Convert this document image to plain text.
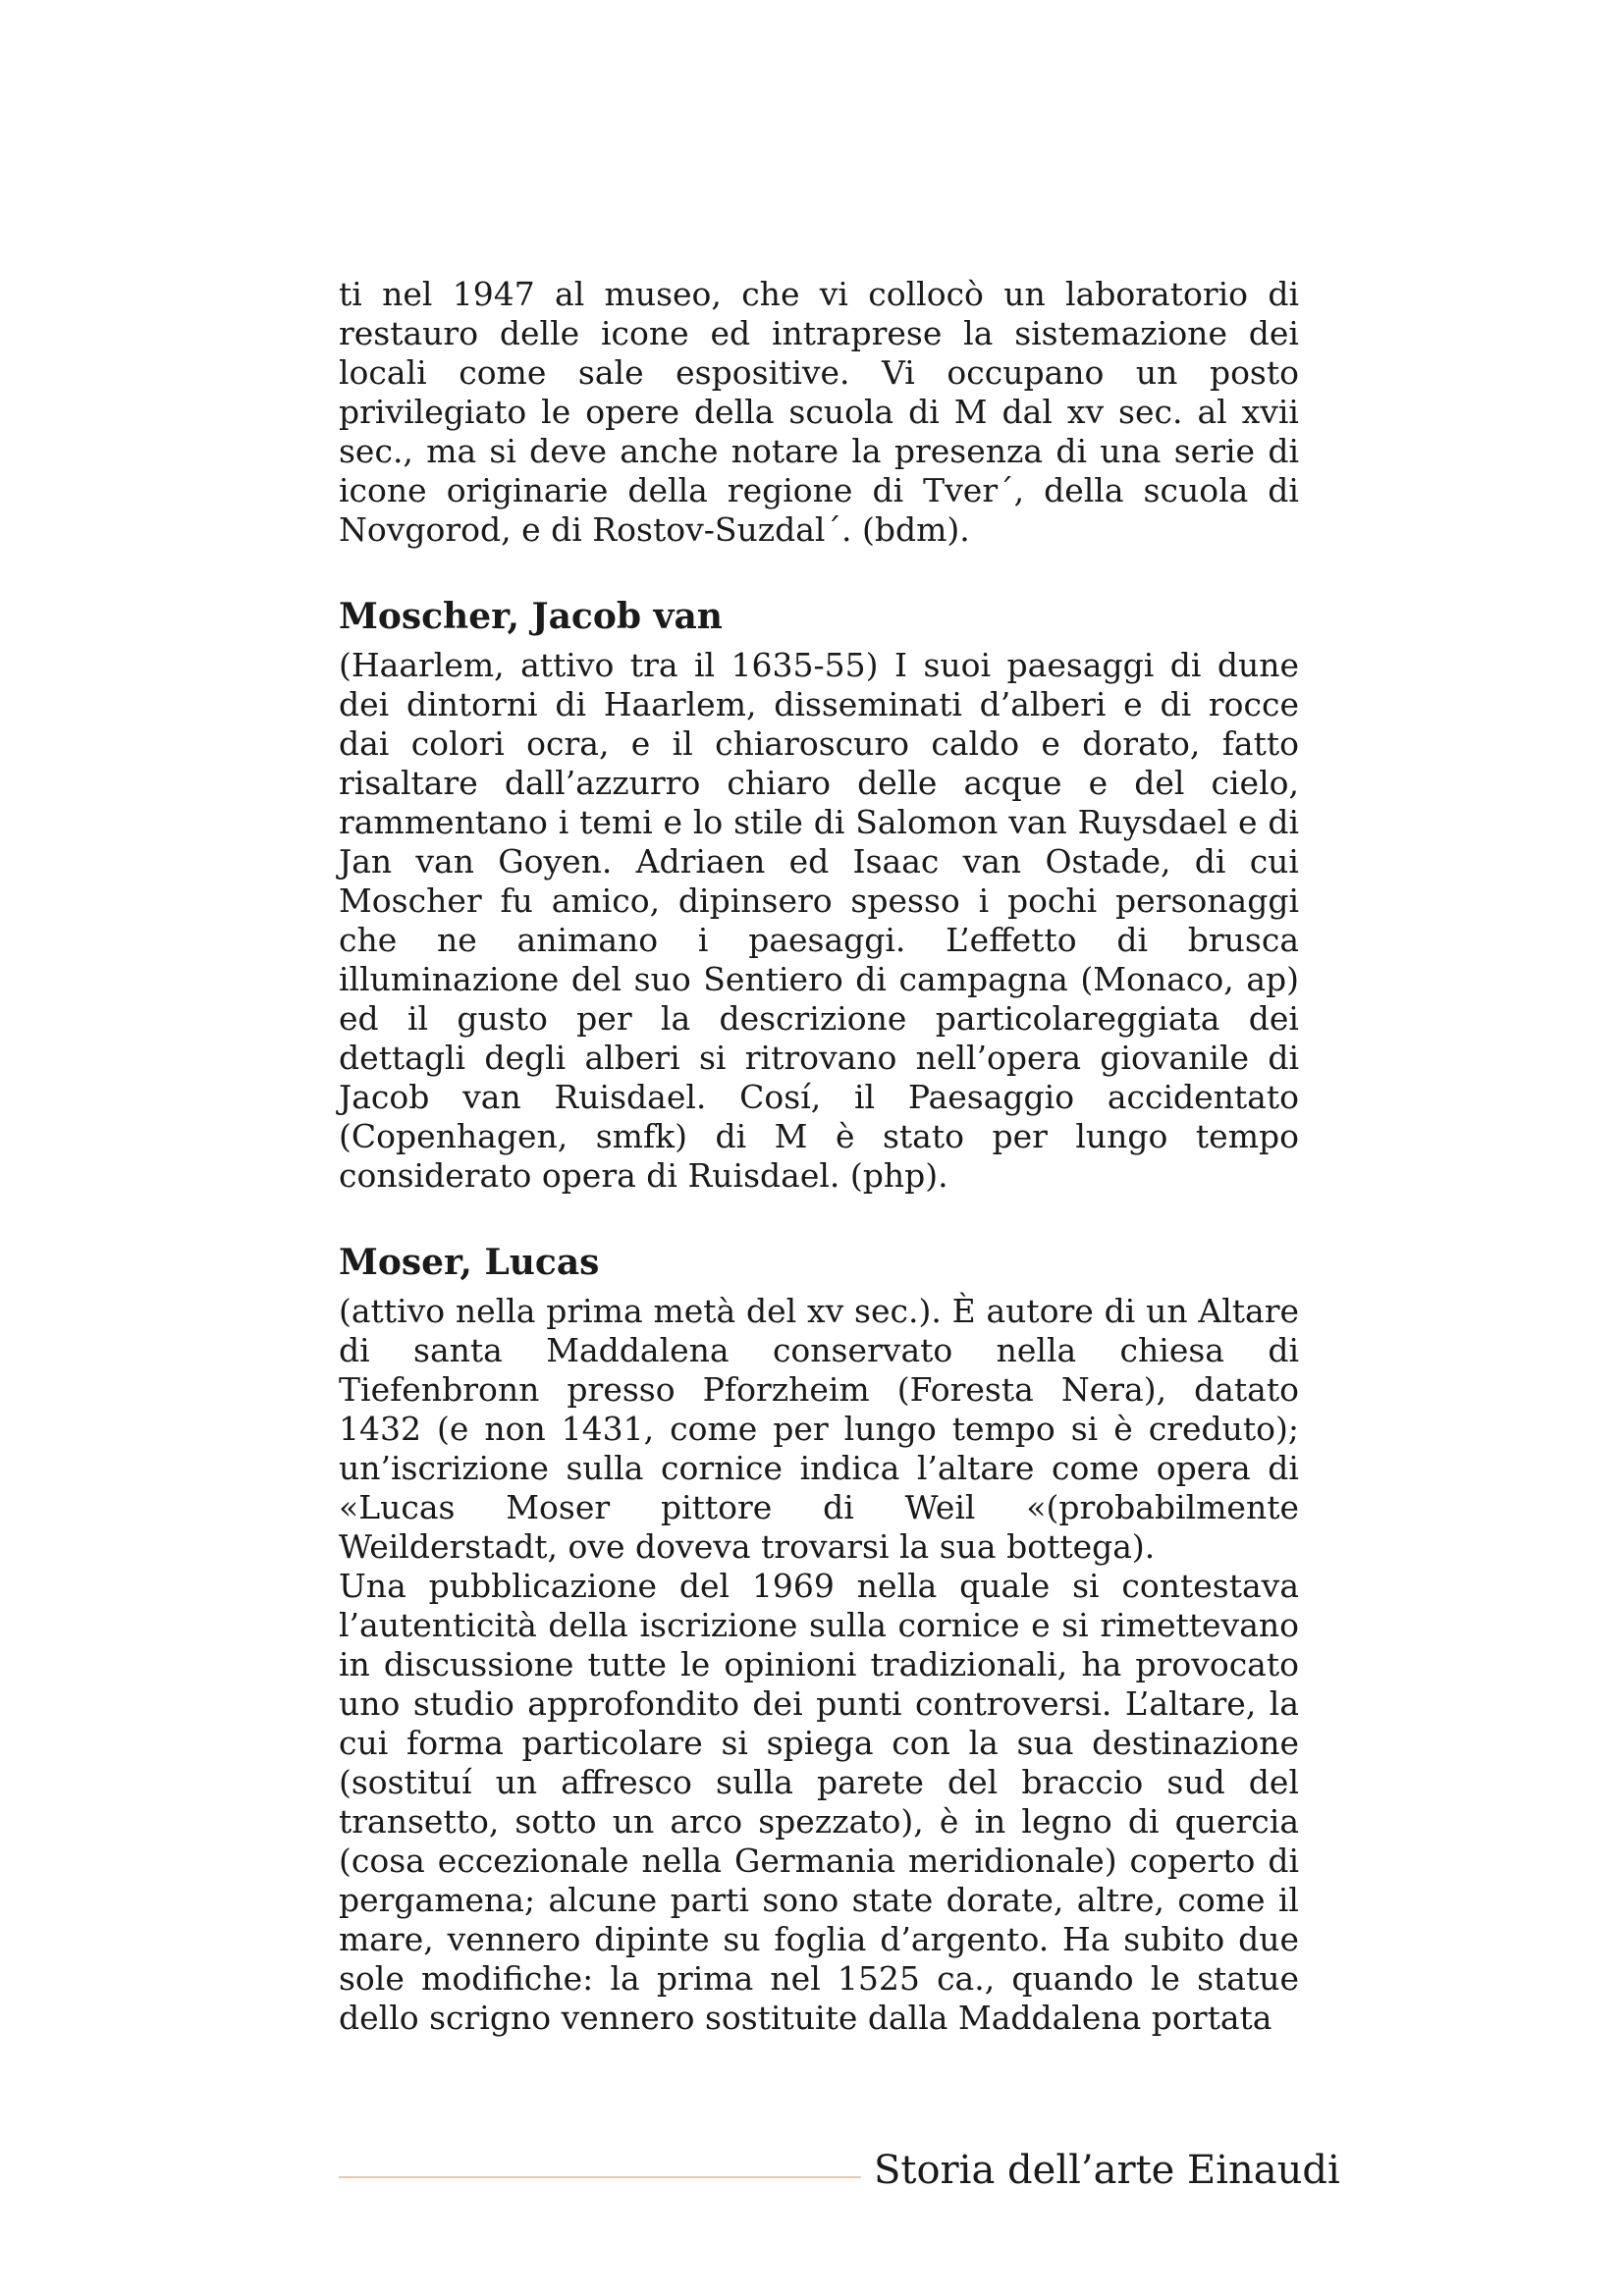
ti nel 1947 al museo, che vi collocò un laboratorio di restauro delle icone ed intraprese la sistemazione dei locali come sale espositive. Vi occupano un posto privilegiato le opere della scuola di M dal xv sec. al xvii sec., ma si deve anche notare la presenza di una serie di icone originarie della regione di Tver´, della scuola di Novgorod, e di Rostov-Suzdal´. (bdm).

Moscher, Jacob van

(Haarlem, attivo tra il 1635-55) I suoi paesaggi di dune dei dintorni di Haarlem, disseminati d’alberi e di rocce dai colori ocra, e il chiaroscuro caldo e dorato, fatto risaltare dall’azzurro chiaro delle acque e del cielo, rammentano i temi e lo stile di Salomon van Ruysdael e di Jan van Goyen. Adriaen ed Isaac van Ostade, di cui Moscher fu amico, dipinsero spesso i pochi personaggi che ne animano i paesaggi. L’effetto di brusca illuminazione del suo Sentiero di campagna (Monaco, ap) ed il gusto per la descrizione particolareggiata dei dettagli degli alberi si ritrovano nell’opera giovanile di Jacob van Ruisdael. Cosí, il Paesaggio accidentato (Copenhagen, smfk) di M è stato per lungo tempo considerato opera di Ruisdael. (php).

Moser, Lucas

(attivo nella prima metà del xv sec.). È autore di un Altare di santa Maddalena conservato nella chiesa di Tiefenbronn presso Pforzheim (Foresta Nera), datato 1432 (e non 1431, come per lungo tempo si è creduto); un’iscrizione sulla cornice indica l’altare come opera di «Lucas Moser pittore di Weil «(probabilmente Weilderstadt, ove doveva trovarsi la sua bottega).

Una pubblicazione del 1969 nella quale si contestava l’autenticità della iscrizione sulla cornice e si rimettevano in discussione tutte le opinioni tradizionali, ha provocato uno studio approfondito dei punti controversi. L’altare, la cui forma particolare si spiega con la sua destinazione (sostituí un affresco sulla parete del braccio sud del transetto, sotto un arco spezzato), è in legno di quercia (cosa eccezionale nella Germania meridionale) coperto di pergamena; alcune parti sono state dorate, altre, come il mare, vennero dipinte su foglia d’argento. Ha subito due sole modifiche: la prima nel 1525 ca., quando le statue dello scrigno vennero sostituite dalla Maddalena portata

Storia dell’arte Einaudi
